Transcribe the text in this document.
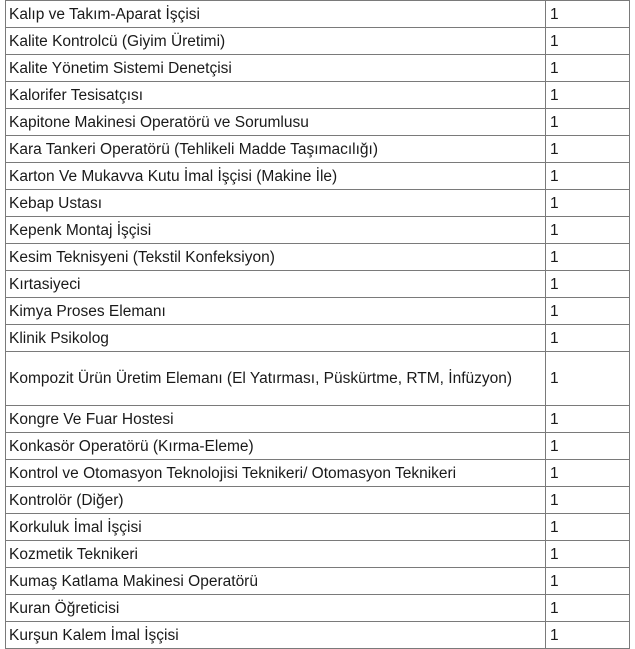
Kalıp ve Takım-Aparat İşçisi	1
Kalite Kontrolcü (Giyim Üretimi)	1
Kalite Yönetim Sistemi Denetçisi	1
Kalorifer Tesisatçısı	1
Kapitone Makinesi Operatörü ve Sorumlusu	1
Kara Tankeri Operatörü (Tehlikeli Madde Taşımacılığı)	1
Karton Ve Mukavva Kutu İmal İşçisi (Makine İle)	1
Kebap Ustası	1
Kepenk Montaj İşçisi	1
Kesim Teknisyeni (Tekstil Konfeksiyon)	1
Kırtasiyeci	1
Kimya Proses Elemanı	1
Klinik Psikolog	1
Kompozit Ürün Üretim Elemanı (El Yatırması, Püskürtme, RTM, İnfüzyon)	1
Kongre Ve Fuar Hostesi	1
Konkasör Operatörü (Kırma-Eleme)	1
Kontrol ve Otomasyon Teknolojisi Teknikeri/ Otomasyon Teknikeri	1
Kontrolör (Diğer)	1
Korkuluk İmal İşçisi	1
Kozmetik Teknikeri	1
Kumaş Katlama Makinesi Operatörü	1
Kuran Öğreticisi	1
Kurşun Kalem İmal İşçisi	1
